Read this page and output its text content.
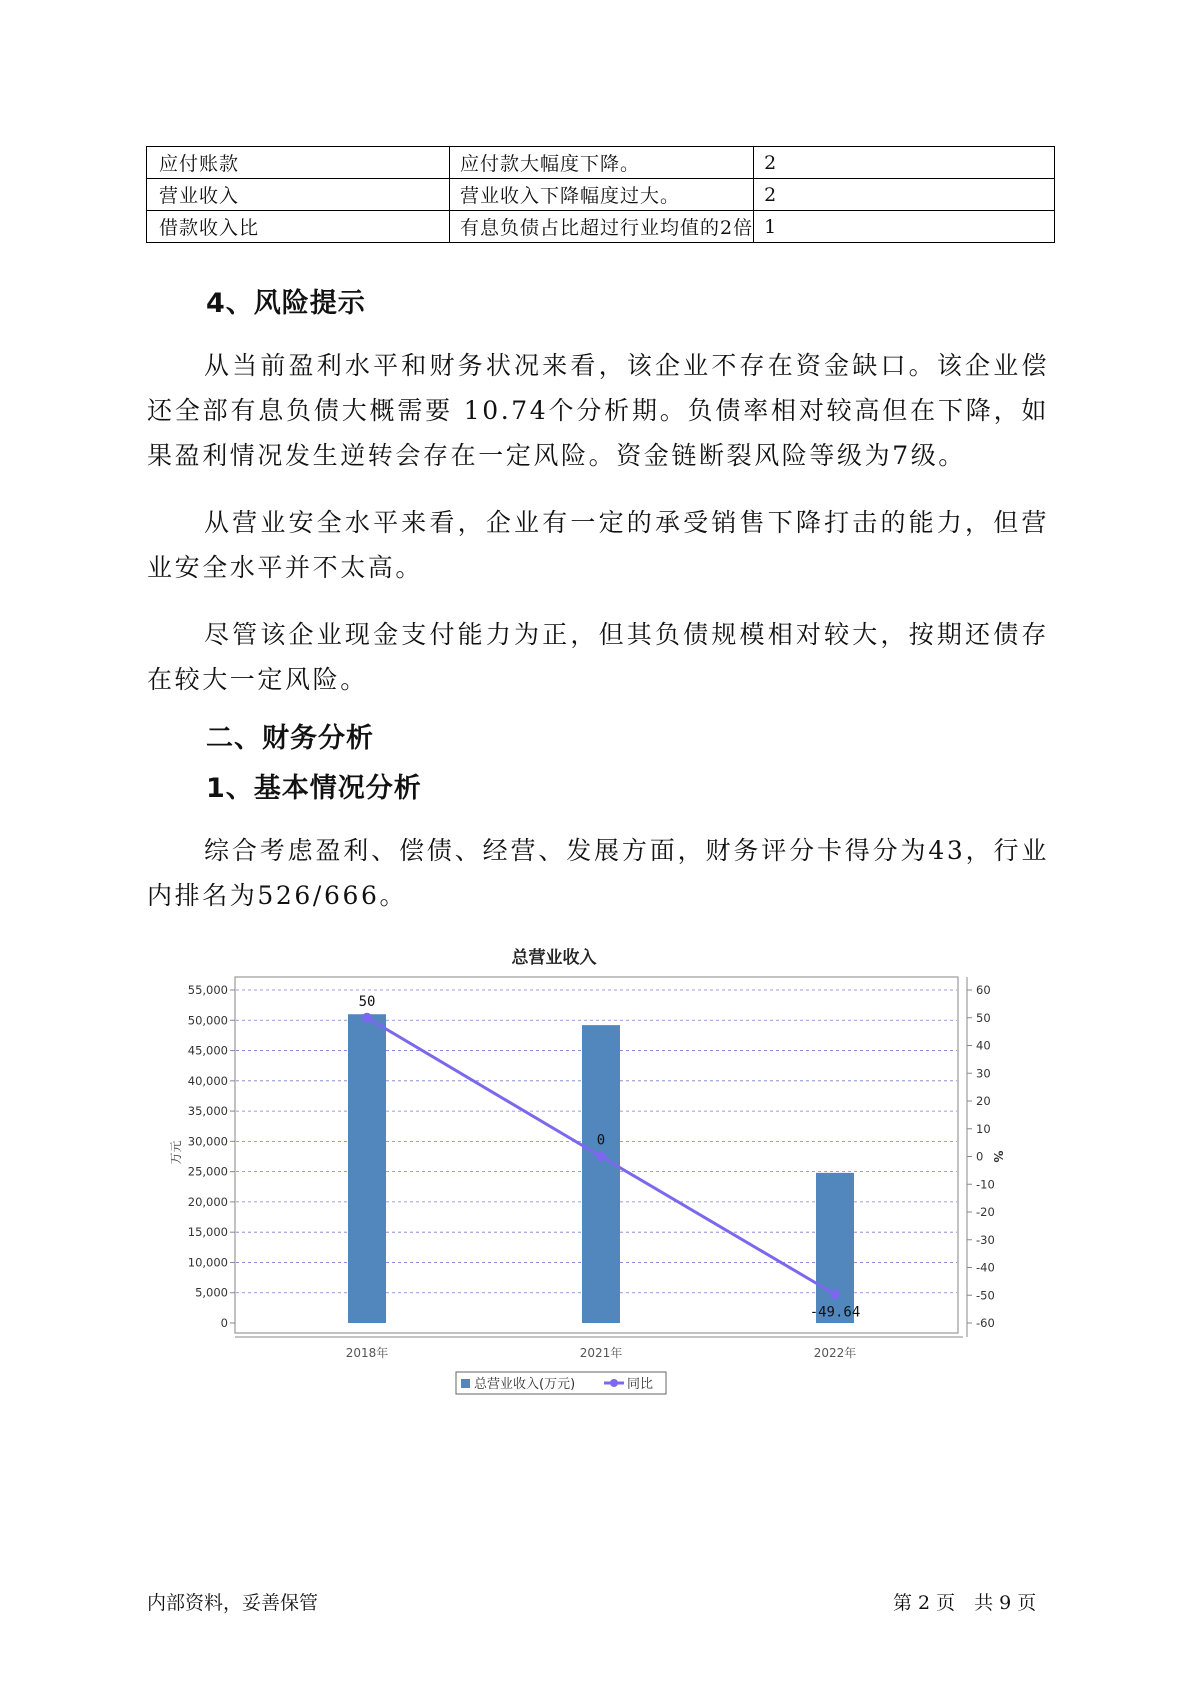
应付账款	应付款大幅度下降。	2
营业收入	营业收入下降幅度过大。	2
借款收入比	有息负债占比超过行业均值的2倍	1
4、风险提示
从当前盈利水平和财务状况来看，该企业不存在资金缺口。该企业偿还全部有息负债大概需要 10.74个分析期。负债率相对较高但在下降，如果盈利情况发生逆转会存在一定风险。资金链断裂风险等级为7级。
从营业安全水平来看，企业有一定的承受销售下降打击的能力，但营业安全水平并不太高。
尽管该企业现金支付能力为正，但其负债规模相对较大，按期还债存在较大一定风险。
二、财务分析
1、基本情况分析
综合考虑盈利、偿债、经营、发展方面，财务评分卡得分为43，行业内排名为526/666。
总营业收入
0
5,000
10,000
15,000
20,000
25,000
30,000
35,000
40,000
45,000
50,000
55,000
万元
60
50
40
30
20
10
0
-10
-20
-30
-40
-50
-60
%
2018年	2021年	2022年
50
0
-49.64
总营业收入(万元)	同比
内部资料，妥善保管	第 2 页　共 9 页
